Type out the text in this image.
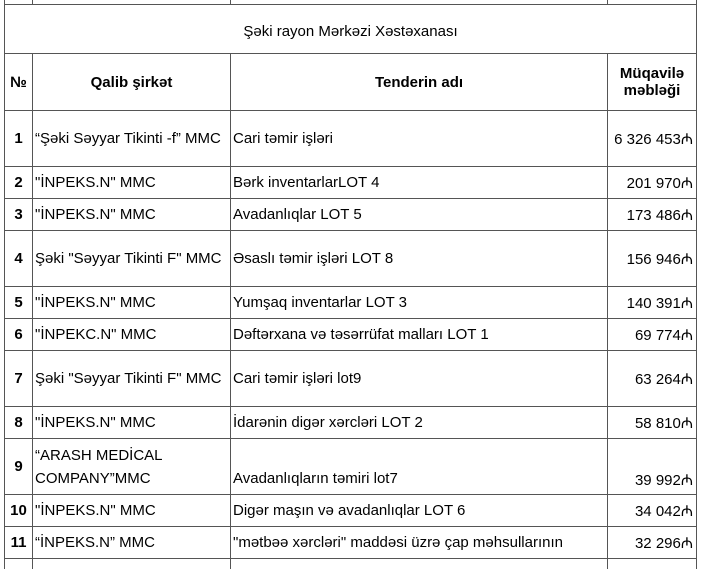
Şəki rayon Mərkəzi Xəstəxanası			
№	Qalib şirkət	Tenderin adı	Müqavilə məbləği
1	“Şəki Səyyar Tikinti -f” MMC	Cari təmir işləri	6 326 453₼
2	"İNPEKS.N" MMC	Bərk inventarlarLOT 4	201 970₼
3	"İNPEKS.N" MMC	Avadanlıqlar LOT 5	173 486₼
4	Şəki "Səyyar Tikinti F" MMC	Əsaslı təmir işləri LOT 8	156 946₼
5	"İNPEKS.N" MMC	Yumşaq inventarlar LOT 3	140 391₼
6	"İNPEKC.N" MMC	Dəftərxana və təsərrüfat malları LOT 1	69 774₼
7	Şəki "Səyyar Tikinti F" MMC	Cari təmir işləri lot9	63 264₼
8	"İNPEKS.N" MMC	İdarənin digər xərcləri LOT 2	58 810₼
9	“ARASH MEDİCAL COMPANY”MMC	Avadanlıqların təmiri lot7	39 992₼
10	"İNPEKS.N" MMC	Digər maşın və avadanlıqlar LOT 6	34 042₼
11	“İNPEKS.N” MMC	"mətbəə xərcləri" maddəsi üzrə çap məhsullarının	32 296₼
